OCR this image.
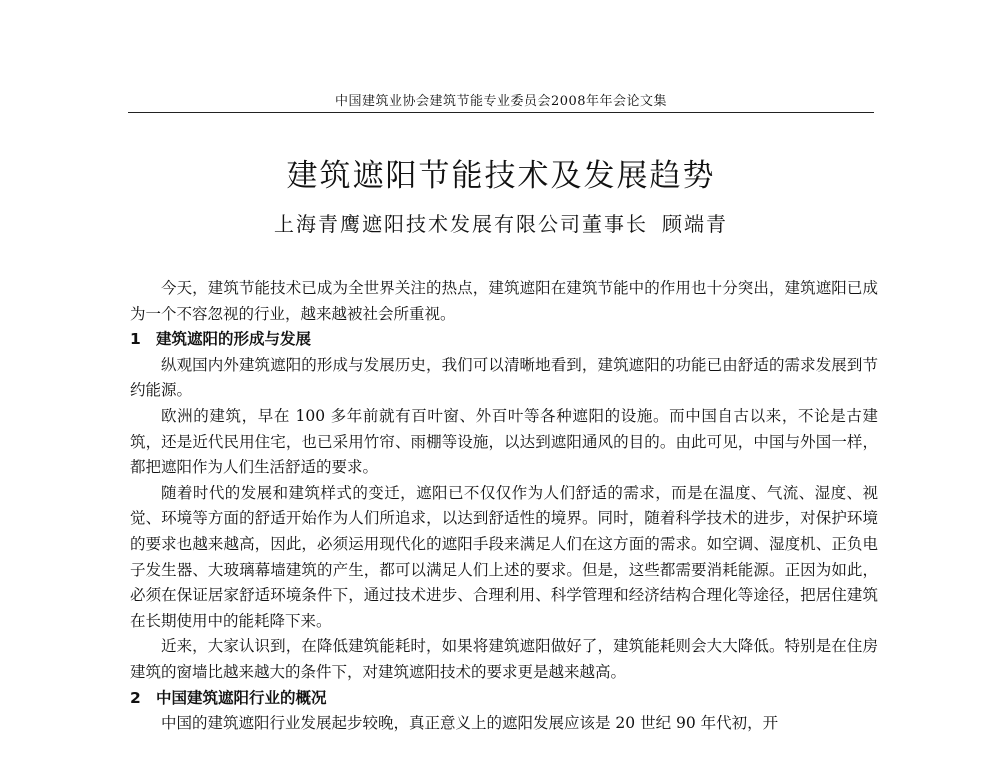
中国建筑业协会建筑节能专业委员会2008年年会论文集
建筑遮阳节能技术及发展趋势
上海青鹰遮阳技术发展有限公司董事长 顾端青

今天，建筑节能技术已成为全世界关注的热点，建筑遮阳在建筑节能中的作用也十分突出，建筑遮阳已成为一个不容忽视的行业，越来越被社会所重视。

1 建筑遮阳的形成与发展

纵观国内外建筑遮阳的形成与发展历史，我们可以清晰地看到，建筑遮阳的功能已由舒适的需求发展到节约能源。

欧洲的建筑，早在 100 多年前就有百叶窗、外百叶等各种遮阳的设施。而中国自古以来，不论是古建筑，还是近代民用住宅，也已采用竹帘、雨棚等设施，以达到遮阳通风的目的。由此可见，中国与外国一样，都把遮阳作为人们生活舒适的要求。

随着时代的发展和建筑样式的变迁，遮阳已不仅仅作为人们舒适的需求，而是在温度、气流、湿度、视觉、环境等方面的舒适开始作为人们所追求，以达到舒适性的境界。同时，随着科学技术的进步，对保护环境的要求也越来越高，因此，必须运用现代化的遮阳手段来满足人们在这方面的需求。如空调、湿度机、正负电子发生器、大玻璃幕墙建筑的产生，都可以满足人们上述的要求。但是，这些都需要消耗能源。正因为如此，必须在保证居家舒适环境条件下，通过技术进步、合理利用、科学管理和经济结构合理化等途径，把居住建筑在长期使用中的能耗降下来。

近来，大家认识到，在降低建筑能耗时，如果将建筑遮阳做好了，建筑能耗则会大大降低。特别是在住房建筑的窗墙比越来越大的条件下，对建筑遮阳技术的要求更是越来越高。

2 中国建筑遮阳行业的概况

中国的建筑遮阳行业发展起步较晚，真正意义上的遮阳发展应该是 20 世纪 90 年代初，开
